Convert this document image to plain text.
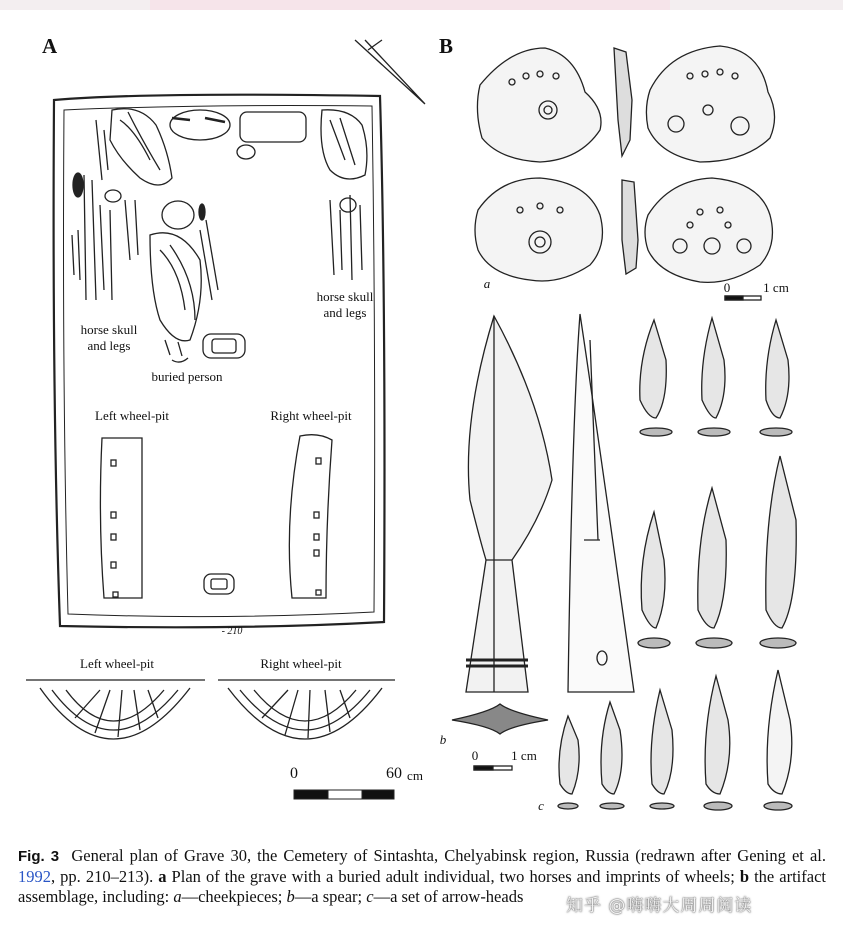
A	B
horse skull
and legs
horse skull
and legs
buried person
Left wheel-pit	Right wheel-pit
- 210
Left wheel-pit	Right wheel-pit
0	60 cm
a
b
c
0	1 cm
0	1 cm
Fig. 3 General plan of Grave 30, the Cemetery of Sintashta, Chelyabinsk region, Russia (redrawn after Gening et al. 1992, pp. 210–213). a Plan of the grave with a buried adult individual, two horses and imprints of wheels; b the artifact assemblage, including: a—cheekpieces; b—a spear; c—a set of arrow-heads	知乎 @嗨嗨大周周阅读
